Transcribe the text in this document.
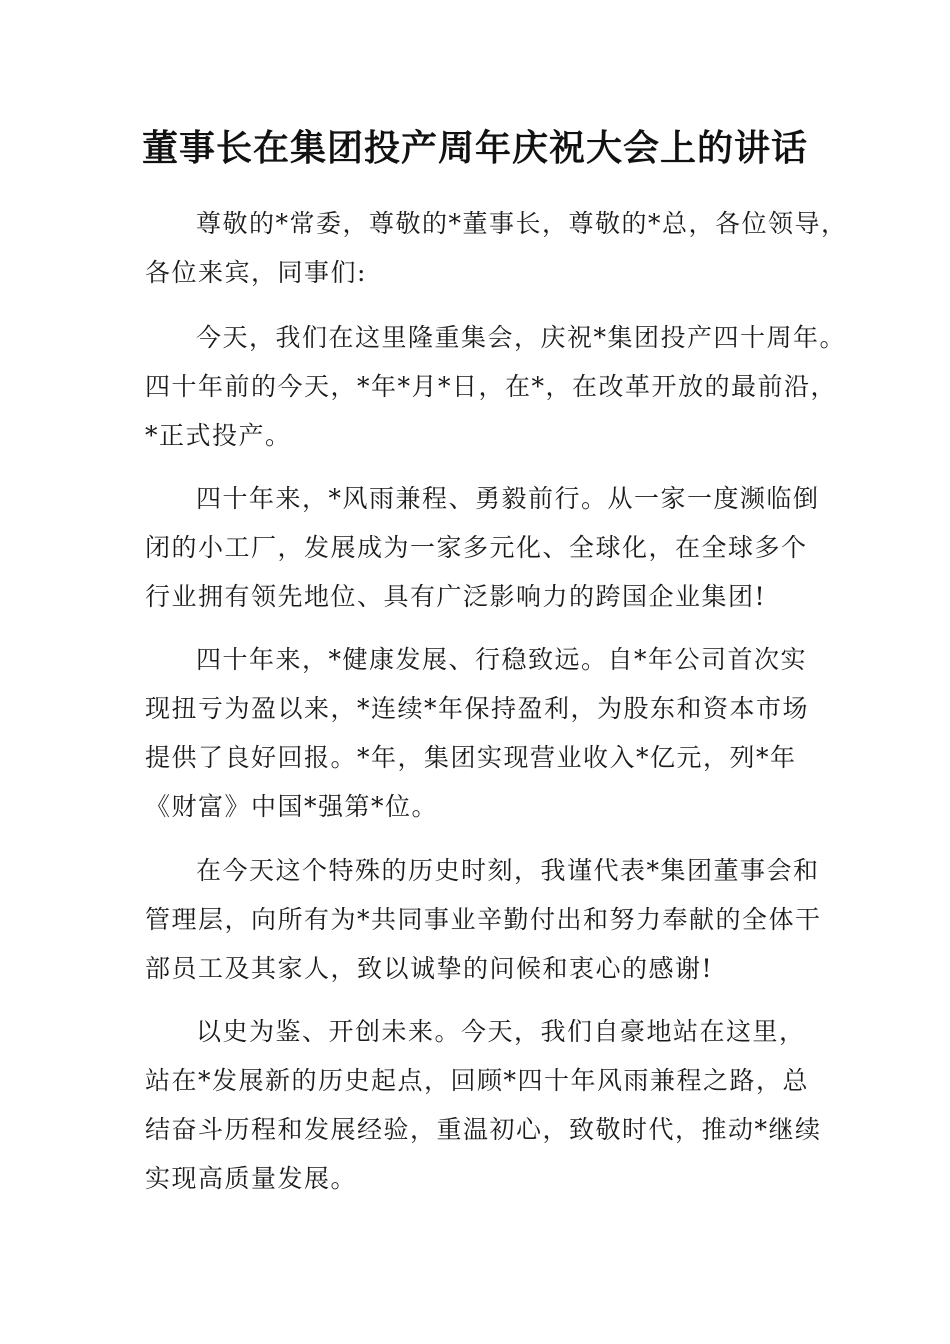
董事长在集团投产周年庆祝大会上的讲话

尊敬的*常委，尊敬的*董事长，尊敬的*总，各位领导，

各位来宾，同事们:

今天，我们在这里隆重集会，庆祝*集团投产四十周年。

四十年前的今天，*年*月*日，在*，在改革开放的最前沿，

*正式投产。

四十年来，*风雨兼程、勇毅前行。从一家一度濒临倒

闭的小工厂，发展成为一家多元化、全球化，在全球多个

行业拥有领先地位、具有广泛影响力的跨国企业集团!

四十年来，*健康发展、行稳致远。自*年公司首次实

现扭亏为盈以来，*连续*年保持盈利，为股东和资本市场

提供了良好回报。*年，集团实现营业收入*亿元，列*年

《财富》中国*强第*位。

在今天这个特殊的历史时刻，我谨代表*集团董事会和

管理层，向所有为*共同事业辛勤付出和努力奉献的全体干

部员工及其家人，致以诚挚的问候和衷心的感谢!

以史为鉴、开创未来。今天，我们自豪地站在这里，

站在*发展新的历史起点，回顾*四十年风雨兼程之路，总

结奋斗历程和发展经验，重温初心，致敬时代，推动*继续

实现高质量发展。
